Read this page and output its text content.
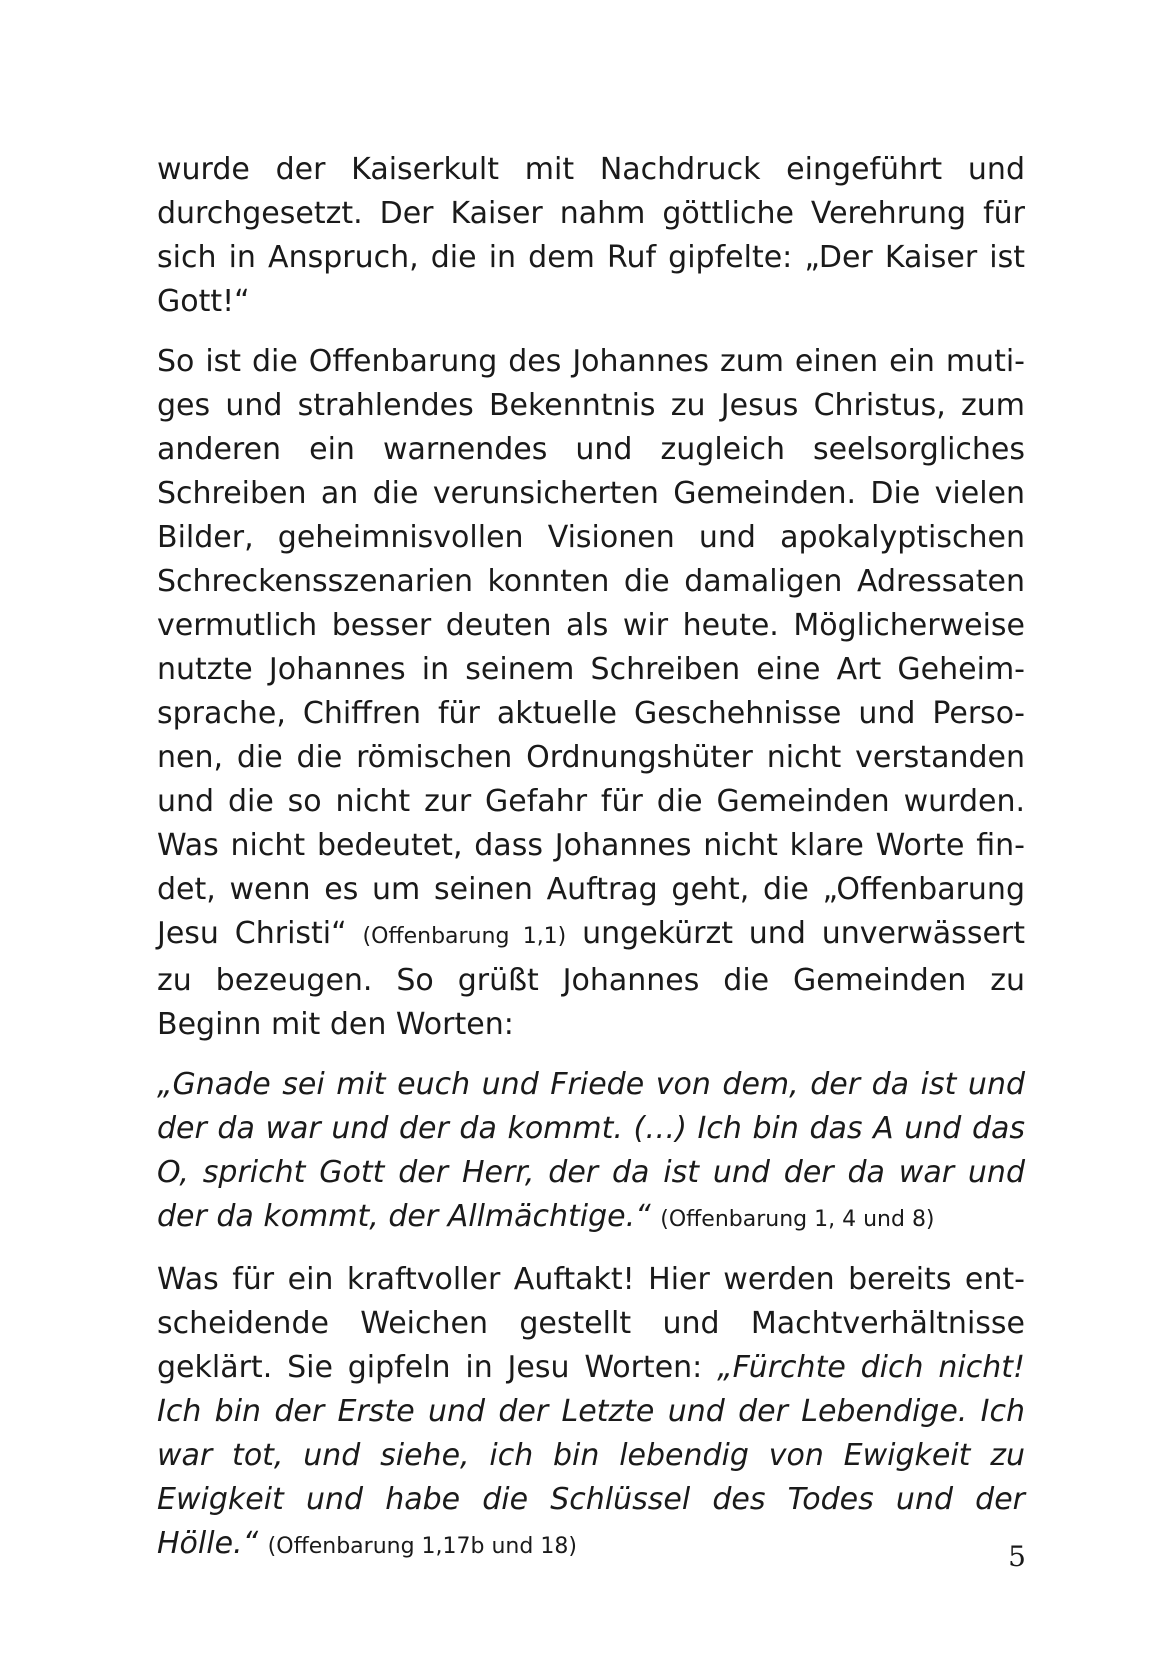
wurde der Kaiserkult mit Nachdruck eingeführt und durchgesetzt. Der Kaiser nahm göttliche Verehrung für sich in Anspruch, die in dem Ruf gipfelte: „Der Kaiser ist Gott!“

So ist die Offenbarung des Johannes zum einen ein mutiges und strahlendes Bekenntnis zu Jesus Christus, zum anderen ein warnendes und zugleich seelsorgliches Schreiben an die verunsicherten Gemeinden. Die vielen Bilder, geheimnisvollen Visionen und apokalyptischen Schreckensszenarien konnten die damaligen Adressaten vermutlich besser deuten als wir heute. Möglicherweise nutzte Johannes in seinem Schreiben eine Art Geheimsprache, Chiffren für aktuelle Geschehnisse und Personen, die die römischen Ordnungshüter nicht verstanden und die so nicht zur Gefahr für die Gemeinden wurden. Was nicht bedeutet, dass Johannes nicht klare Worte findet, wenn es um seinen Auftrag geht, die „Offenbarung Jesu Christi“ (Offenbarung 1,1) ungekürzt und unverwässert zu bezeugen. So grüßt Johannes die Gemeinden zu Beginn mit den Worten:

„Gnade sei mit euch und Friede von dem, der da ist und der da war und der da kommt. (…) Ich bin das A und das O, spricht Gott der Herr, der da ist und der da war und der da kommt, der Allmächtige.“ (Offenbarung 1, 4 und 8)

Was für ein kraftvoller Auftakt! Hier werden bereits entscheidende Weichen gestellt und Machtverhältnisse geklärt. Sie gipfeln in Jesu Worten: „Fürchte dich nicht! Ich bin der Erste und der Letzte und der Lebendige. Ich war tot, und siehe, ich bin lebendig von Ewigkeit zu Ewigkeit und habe die Schlüssel des Todes und der Hölle.“ (Offenbarung 1,17b und 18)	5
